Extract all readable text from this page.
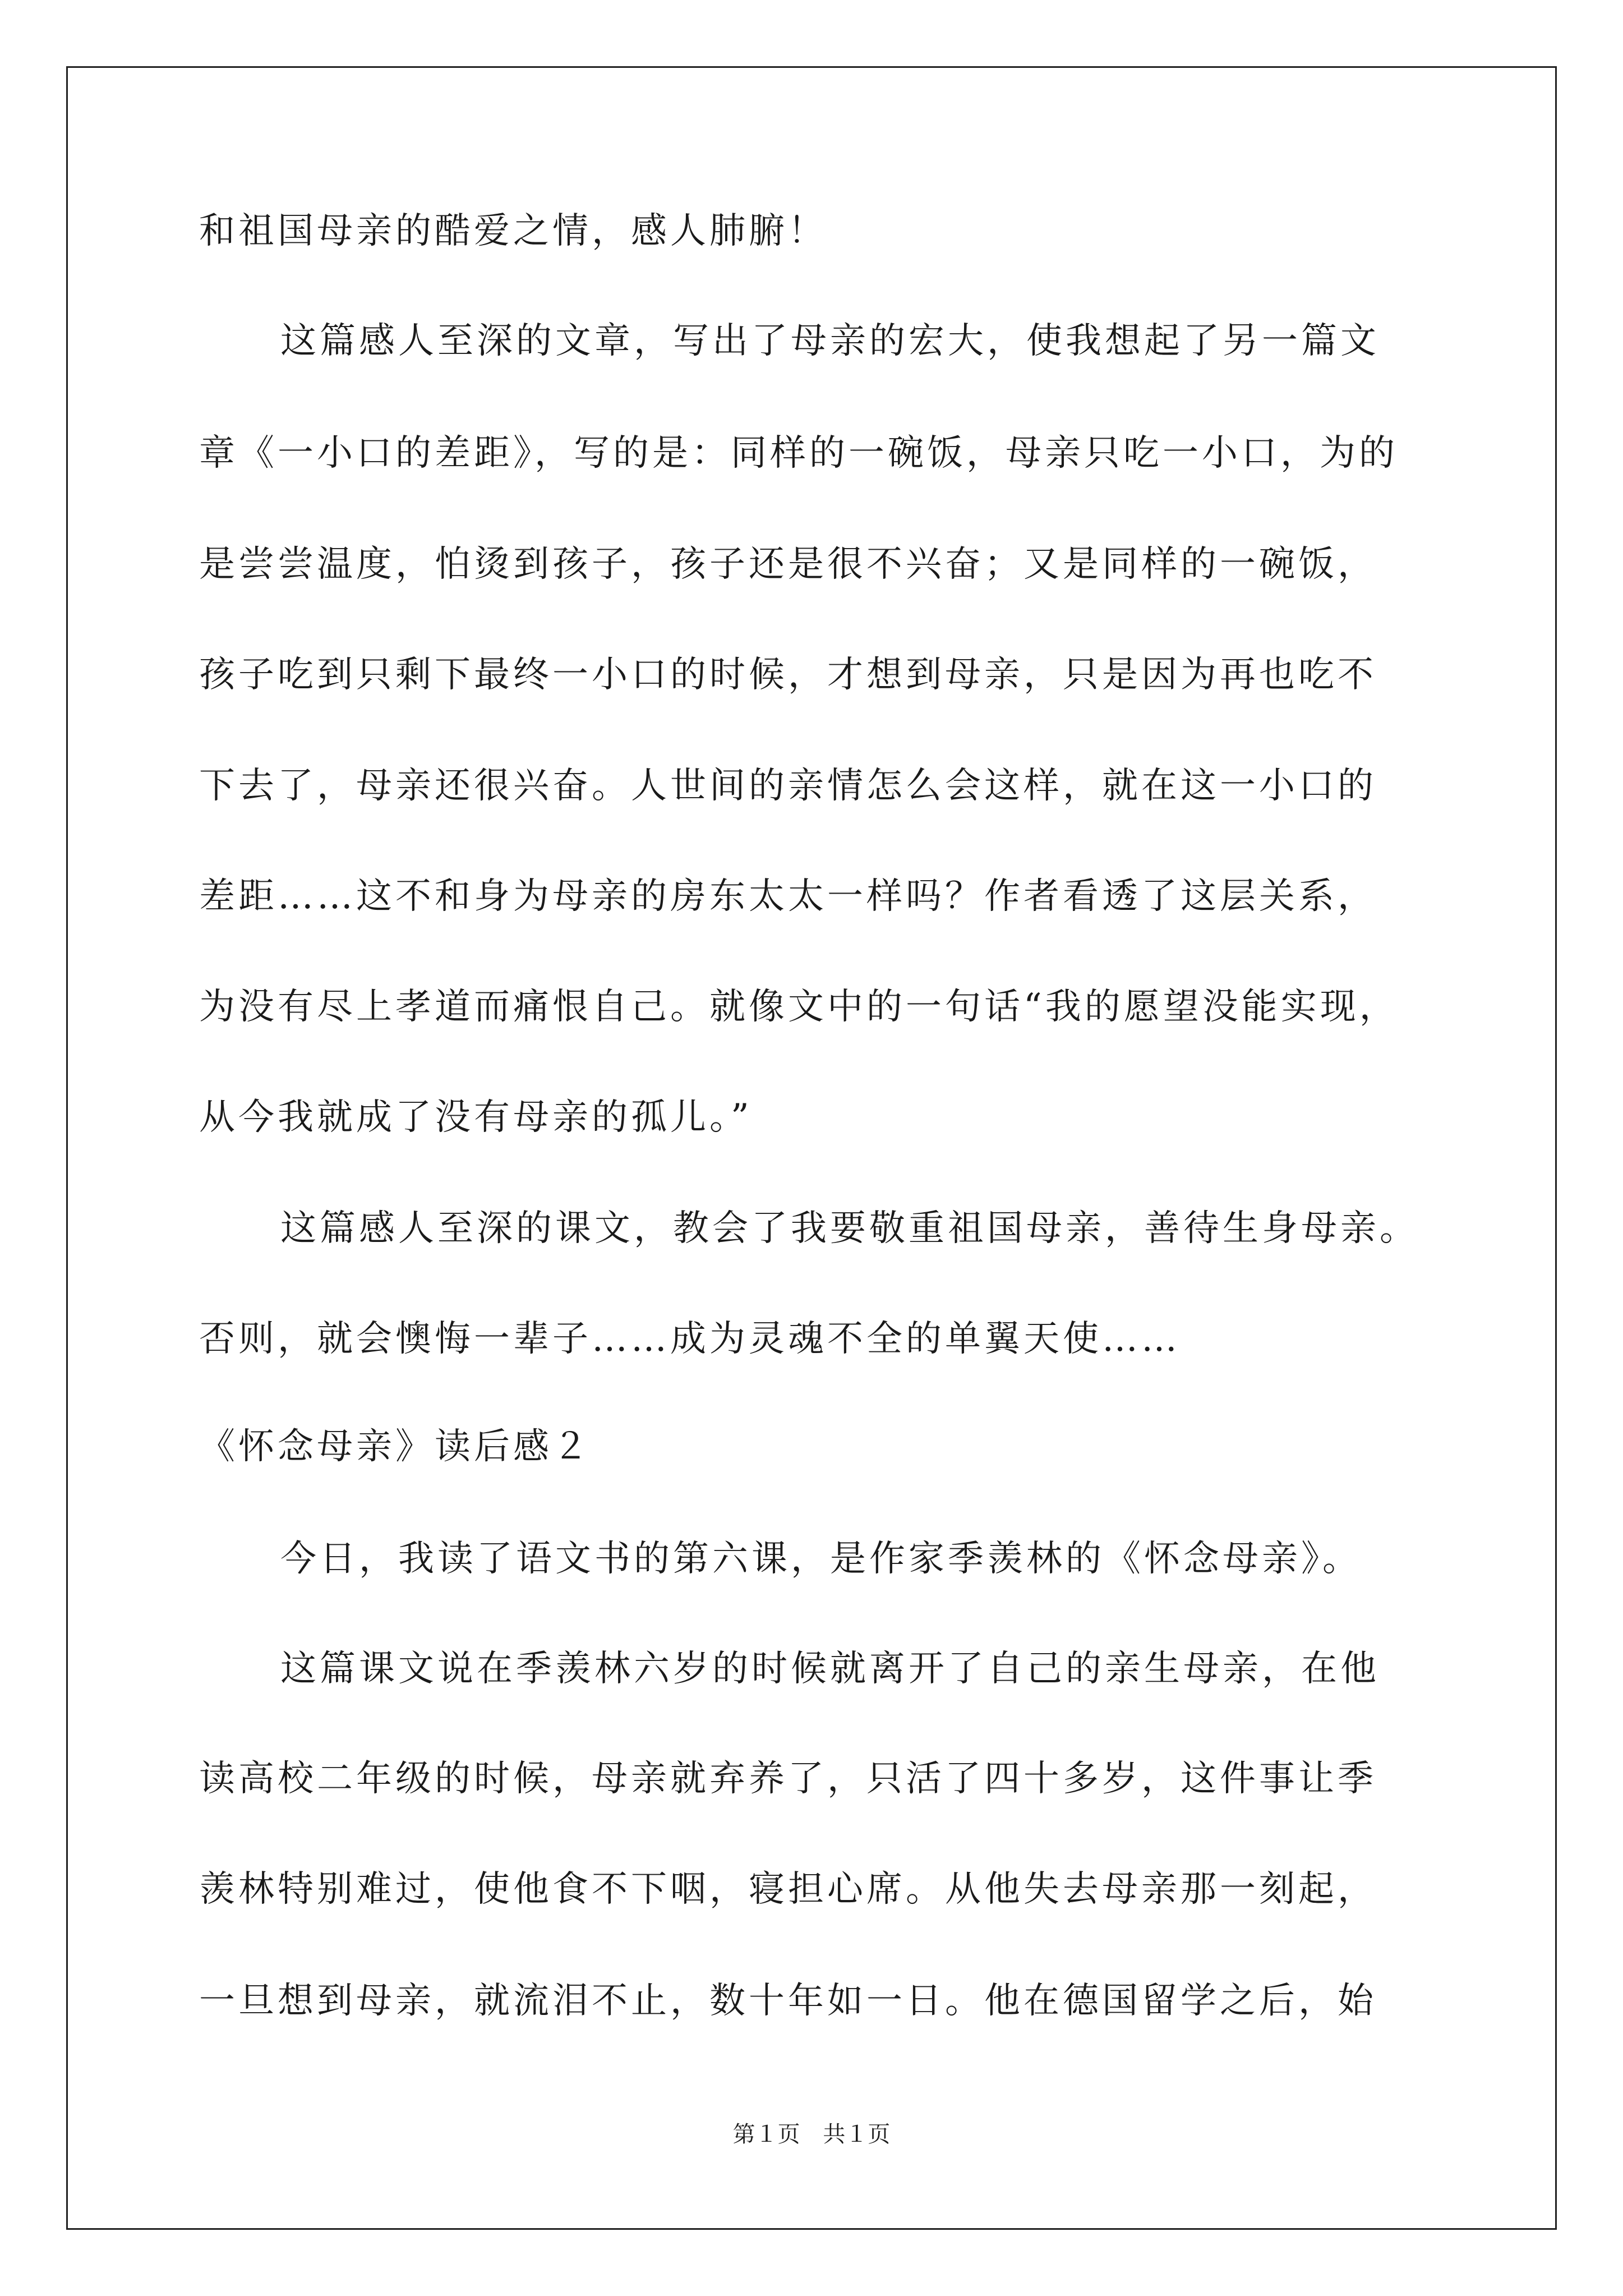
和祖国母亲的酷爱之情，感人肺腑！
这篇感人至深的文章，写出了母亲的宏大，使我想起了另一篇文
章《一小口的差距》，写的是：同样的一碗饭，母亲只吃一小口，为的
是尝尝温度，怕烫到孩子，孩子还是很不兴奋；又是同样的一碗饭，
孩子吃到只剩下最终一小口的时候，才想到母亲，只是因为再也吃不
下去了，母亲还很兴奋。人世间的亲情怎么会这样，就在这一小口的
差距……这不和身为母亲的房东太太一样吗？作者看透了这层关系，
为没有尽上孝道而痛恨自己。就像文中的一句话“我的愿望没能实现，
从今我就成了没有母亲的孤儿。”
这篇感人至深的课文，教会了我要敬重祖国母亲，善待生身母亲。
否则，就会懊悔一辈子……成为灵魂不全的单翼天使……
《怀念母亲》读后感２
今日，我读了语文书的第六课，是作家季羡林的《怀念母亲》。
这篇课文说在季羡林六岁的时候就离开了自己的亲生母亲，在他
读高校二年级的时候，母亲就弃养了，只活了四十多岁，这件事让季
羡林特别难过，使他食不下咽，寝担心席。从他失去母亲那一刻起，
一旦想到母亲，就流泪不止，数十年如一日。他在德国留学之后，始
第１页 共１页
